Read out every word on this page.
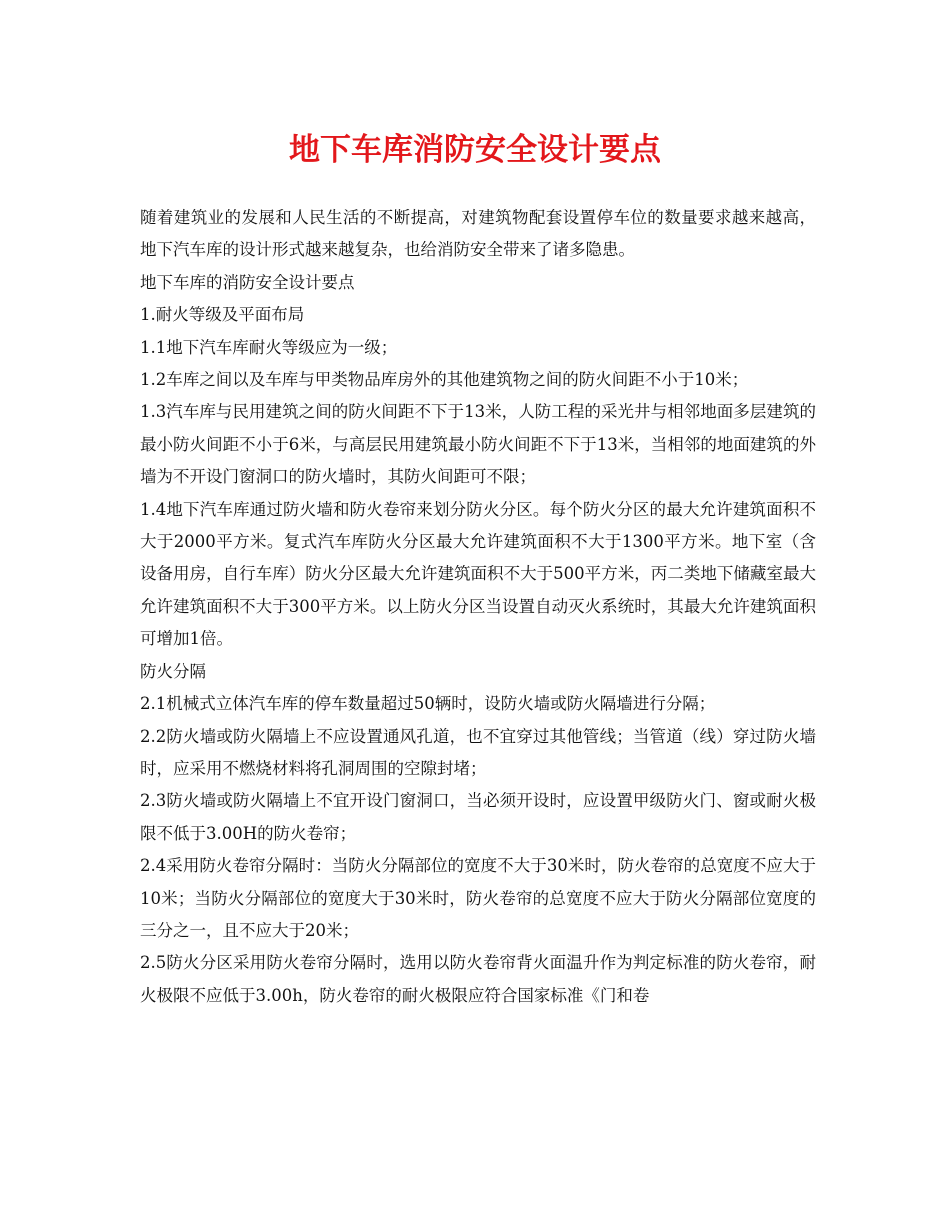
地下车库消防安全设计要点

随着建筑业的发展和人民生活的不断提高，对建筑物配套设置停车位的数量要求越来越高，地下汽车库的设计形式越来越复杂，也给消防安全带来了诸多隐患。

地下车库的消防安全设计要点

1.耐火等级及平面布局

1.1地下汽车库耐火等级应为一级；

1.2车库之间以及车库与甲类物品库房外的其他建筑物之间的防火间距不小于10米；

1.3汽车库与民用建筑之间的防火间距不下于13米，人防工程的采光井与相邻地面多层建筑的最小防火间距不小于6米，与高层民用建筑最小防火间距不下于13米，当相邻的地面建筑的外墙为不开设门窗洞口的防火墙时，其防火间距可不限；

1.4地下汽车库通过防火墙和防火卷帘来划分防火分区。每个防火分区的最大允许建筑面积不大于2000平方米。复式汽车库防火分区最大允许建筑面积不大于1300平方米。地下室（含设备用房，自行车库）防火分区最大允许建筑面积不大于500平方米，丙二类地下储藏室最大允许建筑面积不大于300平方米。以上防火分区当设置自动灭火系统时，其最大允许建筑面积可增加1倍。

防火分隔

2.1机械式立体汽车库的停车数量超过50辆时，设防火墙或防火隔墙进行分隔；

2.2防火墙或防火隔墙上不应设置通风孔道，也不宜穿过其他管线；当管道（线）穿过防火墙时，应采用不燃烧材料将孔洞周围的空隙封堵；

2.3防火墙或防火隔墙上不宜开设门窗洞口，当必须开设时，应设置甲级防火门、窗或耐火极限不低于3.00H的防火卷帘；

2.4采用防火卷帘分隔时：当防火分隔部位的宽度不大于30米时，防火卷帘的总宽度不应大于10米；当防火分隔部位的宽度大于30米时，防火卷帘的总宽度不应大于防火分隔部位宽度的三分之一，且不应大于20米；

2.5防火分区采用防火卷帘分隔时，选用以防火卷帘背火面温升作为判定标准的防火卷帘，耐火极限不应低于3.00h，防火卷帘的耐火极限应符合国家标准《门和卷
